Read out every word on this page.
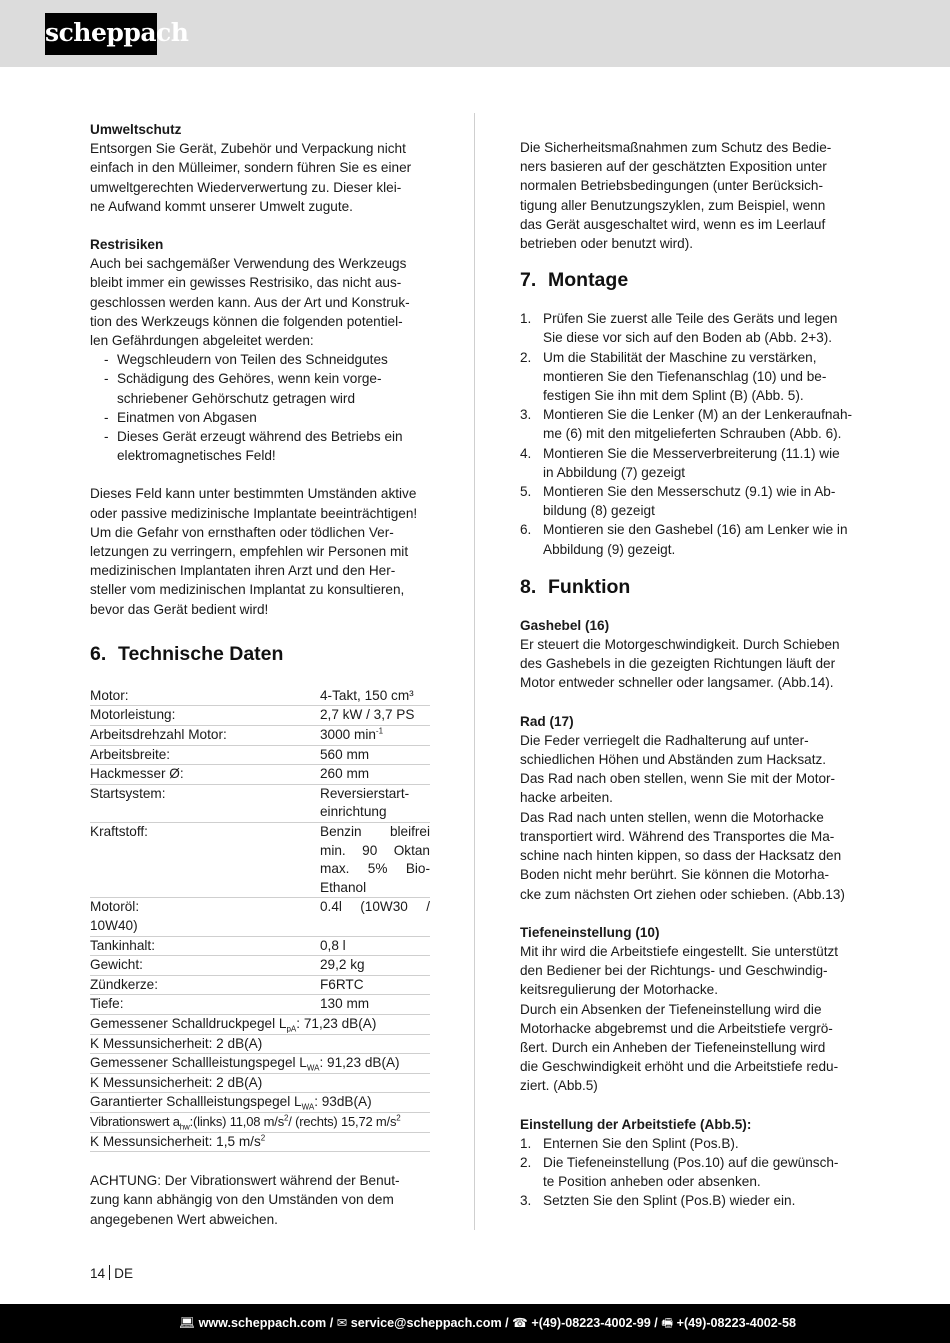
scheppach
Umweltschutz
Entsorgen Sie Gerät, Zubehör und Verpackung nicht
einfach in den Mülleimer, sondern führen Sie es einer
umweltgerechten Wiederverwertung zu. Dieser klei-
ne Aufwand kommt unserer Umwelt zugute.
Restrisiken
Auch bei sachgemäßer Verwendung des Werkzeugs
bleibt immer ein gewisses Restrisiko, das nicht aus-
geschlossen werden kann. Aus der Art und Konstruk-
tion des Werkzeugs können die folgenden potentiel-
len Gefährdungen abgeleitet werden:
- Wegschleudern von Teilen des Schneidgutes
- Schädigung des Gehöres, wenn kein vorge-
schriebener Gehörschutz getragen wird
- Einatmen von Abgasen
- Dieses Gerät erzeugt während des Betriebs ein
elektromagnetisches Feld!
Dieses Feld kann unter bestimmten Umständen aktive
oder passive medizinische Implantate beeinträchtigen!
Um die Gefahr von ernsthaften oder tödlichen Ver-
letzungen zu verringern, empfehlen wir Personen mit
medizinischen Implantaten ihren Arzt und den Her-
steller vom medizinischen Implantat zu konsultieren,
bevor das Gerät bedient wird!
6. Technische Daten
Motor:	4-Takt, 150 cm³
Motorleistung:	2,7 kW / 3,7 PS
Arbeitsdrehzahl Motor:	3000 $\min^{-1}$
Arbeitsbreite:	560 mm
Hackmesser Ø:	260 mm
Startsystem:	Reversierstart-
einrichtung
Kraftstoff:	Benzin bleifrei min. 90 Oktan max. 5% Bio-Ethanol

Motoröl: 0.4l (10W30 /
10W40)	

Tankinhalt:	0,8 l
Gewicht:	29,2 kg
Zündkerze:	F6RTC
Tiefe:	130 mm
Gemessener Schalldruckpegel $L_{pA}$: 71,23 dB(A)	
K Messunsicherheit: 2 dB(A)	
Gemessener Schallleistungspegel $L_{WA}$: 91,23 dB(A)	
K Messunsicherheit: 2 dB(A)	
Garantierter Schallleistungspegel $L_{WA}$: 93dB(A)	
Vibrationswert $a_{hw}:(links)$ 11,08 $m/s^2/$ (rechts) 15,72 $m/s^2$
K Messunsicherheit: 1,5 $m/s^2$
ACHTUNG: Der Vibrationswert während der Benut-
zung kann abhängig von den Umständen von dem
angegebenen Wert abweichen.
Die Sicherheitsmaßnahmen zum Schutz des Bedie-
ners basieren auf der geschätzten Exposition unter
normalen Betriebsbedingungen (unter Berücksich-
tigung aller Benutzungszyklen, zum Beispiel, wenn
das Gerät ausgeschaltet wird, wenn es im Leerlauf
betrieben oder benutzt wird).
7. Montage
1. Prüfen Sie zuerst alle Teile des Geräts und legen
Sie diese vor sich auf den Boden ab (Abb. 2+3).
2. Um die Stabilität der Maschine zu verstärken,
montieren Sie den Tiefenanschlag (10) und be-
festigen Sie ihn mit dem Splint (B) (Abb. 5).
3. Montieren Sie die Lenker (M) an der Lenkeraufnah-
me (6) mit den mitgelieferten Schrauben (Abb. 6).
4. Montieren Sie die Messerverbreiterung (11.1) wie
in Abbildung (7) gezeigt
5. Montieren Sie den Messerschutz (9.1) wie in Ab-
bildung (8) gezeigt
6. Montieren sie den Gashebel (16) am Lenker wie in
Abbildung (9) gezeigt.
8. Funktion
Gashebel (16)
Er steuert die Motorgeschwindigkeit. Durch Schieben
des Gashebels in die gezeigten Richtungen läuft der
Motor entweder schneller oder langsamer. (Abb.14).
Rad (17)
Die Feder verriegelt die Radhalterung auf unter-
schiedlichen Höhen und Abständen zum Hacksatz.
Das Rad nach oben stellen, wenn Sie mit der Motor-
hacke arbeiten.
Das Rad nach unten stellen, wenn die Motorhacke
transportiert wird. Während des Transportes die Ma-
schine nach hinten kippen, so dass der Hacksatz den
Boden nicht mehr berührt. Sie können die Motorha-
cke zum nächsten Ort ziehen oder schieben. (Abb.13)
Tiefeneinstellung (10)
Mit ihr wird die Arbeitstiefe eingestellt. Sie unterstützt
den Bediener bei der Richtungs- und Geschwindig-
keitsregulierung der Motorhacke.
Durch ein Absenken der Tiefeneinstellung wird die
Motorhacke abgebremst und die Arbeitstiefe vergrö-
ßert. Durch ein Anheben der Tiefeneinstellung wird
die Geschwindigkeit erhöht und die Arbeitstiefe redu-
ziert. (Abb.5)
Einstellung der Arbeitstiefe (Abb.5):
1. Enternen Sie den Splint (Pos.B).
2. Die Tiefeneinstellung (Pos.10) auf die gewünsch-
te Position anheben oder absenken.
3. Setzten Sie den Splint (Pos.B) wieder ein.
14 DE
💻︎ www.scheppach.com / ✉ service@scheppach.com / ☎ +(49)-08223-4002-99 / 🖷︎ +(49)-08223-4002-58
